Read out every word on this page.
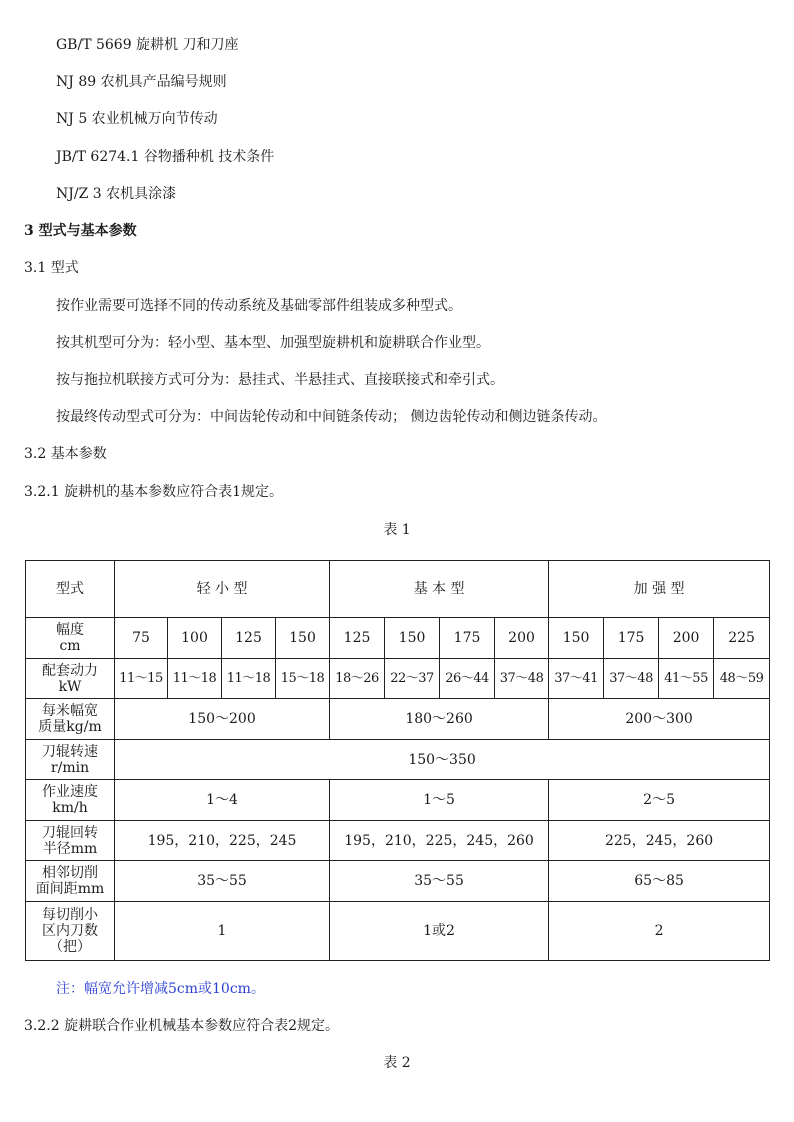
GB/T 5669 旋耕机 刀和刀座
NJ 89 农机具产品编号规则
NJ 5 农业机械万向节传动
JB/T 6274.1 谷物播种机 技术条件
NJ/Z 3 农机具涂漆
3 型式与基本参数
3.1 型式
按作业需要可选择不同的传动系统及基础零部件组装成多种型式。
按其机型可分为：轻小型、基本型、加强型旋耕机和旋耕联合作业型。
按与拖拉机联接方式可分为：悬挂式、半悬挂式、直接联接式和牵引式。
按最终传动型式可分为：中间齿轮传动和中间链条传动； 侧边齿轮传动和侧边链条传动。
3.2 基本参数
3.2.1 旋耕机的基本参数应符合表1规定。
表 1
型式	轻 小 型				基 本 型				加 强 型			
幅度
cm	75	100	125	150	125	150	175	200	150	175	200	225
配套动力
kW	11～15	11～18	11～18	15～18	18～26	22～37	26～44	37～48	37～41	37～48	41～55	48～59
每米幅宽
质量kg/m	150～200				180～260				200～300			
刀辊转速
r/min	150～350											
作业速度
km/h	1～4				1～5				2～5			
刀辊回转
半径mm	195，210，225，245				195，210，225，245，260				225，245，260			
相邻切削
面间距mm	35～55				35～55				65～85			
每切削小
区内刀数
（把）	1				1或2				2			
注：幅宽允许增减5cm或10cm。
3.2.2 旋耕联合作业机械基本参数应符合表2规定。
表 2
